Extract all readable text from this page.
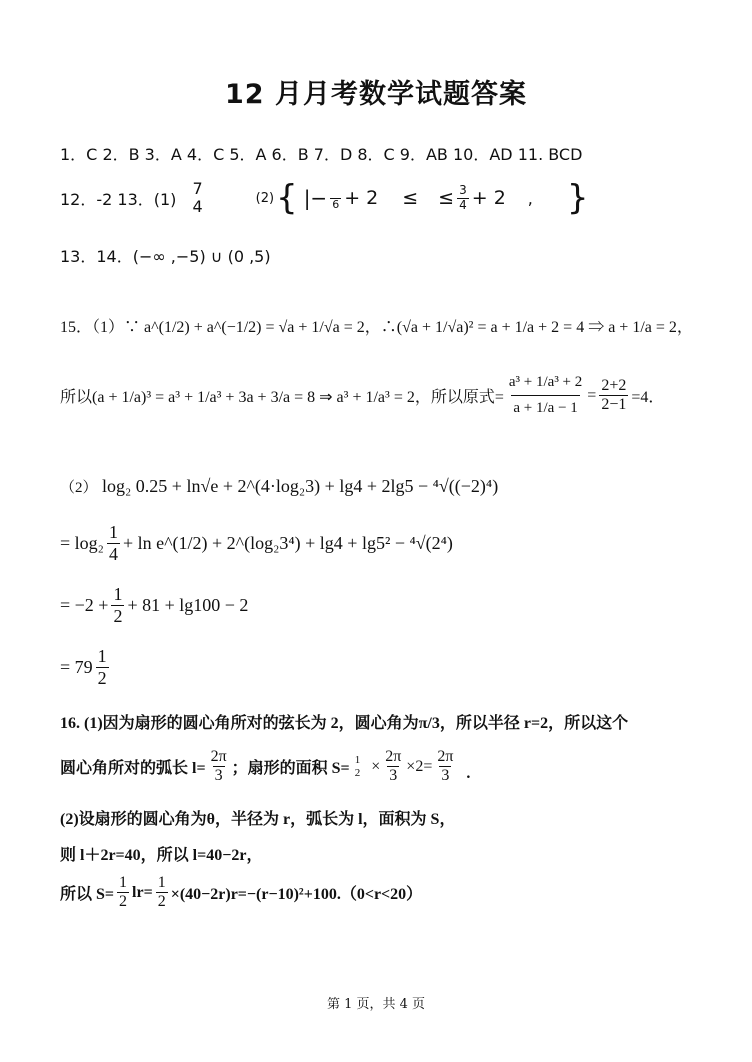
12 月月考数学试题答案
1．C 2．B 3．A 4．C 5．A 6．B 7．D 8．C 9．AB 10．AD 11. BCD
12．-2 13．(1)
7
4	(2) { |−
6 + 2 ≤ ≤ $\frac{3}{4} + 2$ , }
13．14．(−∞ ,−5) ∪ (0 ,5)
15．（1）∵ a^(1/2) + a^(−1/2) = √a + 1/√a = 2，∴(√a + 1/√a)² = a + 1/a + 2 = 4 ⇒ a + 1/a = 2，
所以 (a + 1/a)³ = a³ + 1/a³ + 3a + 3/a = 8 ⇒ a³ + 1/a³ = 2，所以原式= $\frac{\text{a³ + 1/a³ + 2}}{a + 1/a - 1} = \frac{2+2}{2-1} =4$．
（2） log₂ 0.25 + ln√e + 2^(4·log₂3) + lg4 + 2lg5 − ⁴√((−2)⁴)
= $\log_2 \frac{1}{4} + \ln$ e^(1/2) + 2^(log₂3⁴) + lg4 + lg5² − ⁴√(2⁴)
= $-2 + \frac{1}{2} + 81 + \lg 100 - 2$
= $79 \frac{1}{2}$
16. (1)因为扇形的圆心角所对的弦长为 2，圆心角为π/3，所以半径 r=2，所以这个
圆心角所对的弧长 $l= \frac{2\pi}{3}$ ；扇形的面积 S=
1
$2 \times \frac{2\pi}{3} \times 2= \frac{2\pi}{3}$ .
(2)设扇形的圆心角为θ，半径为 r，弧长为 l，面积为 S，
则 l＋2r=40，所以 l=40−2r，
所以 $S= \frac{1}{2} lr= \frac{1}{2} \times(40-2r)r=-(r-10)^2+100.(0<r<20)$
第 1 页，共 4 页
